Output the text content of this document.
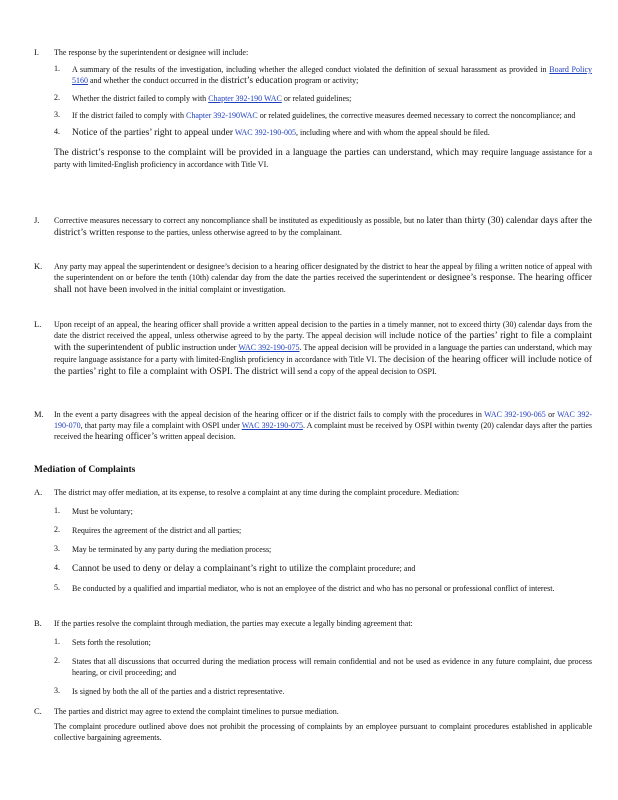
I. The response by the superintendent or designee will include:
1. A summary of the results of the investigation, including whether the alleged conduct violated the definition of sexual harassment as provided in Board Policy 5160 and whether the conduct occurred in the district’s education program or activity;
2. Whether the district failed to comply with Chapter 392-190 WAC or related guidelines;
3. If the district failed to comply with Chapter 392-190WAC or related guidelines, the corrective measures deemed necessary to correct the noncompliance; and
4. Notice of the parties’ right to appeal under WAC 392-190-005, including where and with whom the appeal should be filed.
The district’s response to the complaint will be provided in a language the parties can understand, which may require language assistance for a party with limited-English proficiency in accordance with Title VI.
J. Corrective measures necessary to correct any noncompliance shall be instituted as expeditiously as possible, but no later than thirty (30) calendar days after the district’s written response to the parties, unless otherwise agreed to by the complainant.
K. Any party may appeal the superintendent or designee’s decision to a hearing officer designated by the district to hear the appeal by filing a written notice of appeal with the superintendent on or before the tenth (10th) calendar day from the date the parties received the superintendent or designee’s response. The hearing officer shall not have been involved in the initial complaint or investigation.
L. Upon receipt of an appeal, the hearing officer shall provide a written appeal decision to the parties in a timely manner, not to exceed thirty (30) calendar days from the date the district received the appeal, unless otherwise agreed to by the party. The appeal decision will include notice of the parties’ right to file a complaint with the superintendent of public instruction under WAC 392-190-075. The appeal decision will be provided in a language the parties can understand, which may require language assistance for a party with limited-English proficiency in accordance with Title VI. The decision of the hearing officer will include notice of the parties’ right to file a complaint with OSPI. The district will send a copy of the appeal decision to OSPI.
M. In the event a party disagrees with the appeal decision of the hearing officer or if the district fails to comply with the procedures in WAC 392-190-065 or WAC 392-190-070, that party may file a complaint with OSPI under WAC 392-190-075. A complaint must be received by OSPI within twenty (20) calendar days after the parties received the hearing officer’s written appeal decision.
Mediation of Complaints
A. The district may offer mediation, at its expense, to resolve a complaint at any time during the complaint procedure. Mediation:
1. Must be voluntary;
2. Requires the agreement of the district and all parties;
3. May be terminated by any party during the mediation process;
4. Cannot be used to deny or delay a complainant’s right to utilize the complaint procedure; and
5. Be conducted by a qualified and impartial mediator, who is not an employee of the district and who has no personal or professional conflict of interest.
B. If the parties resolve the complaint through mediation, the parties may execute a legally binding agreement that:
1. Sets forth the resolution;
2. States that all discussions that occurred during the mediation process will remain confidential and not be used as evidence in any future complaint, due process hearing, or civil proceeding; and
3. Is signed by both the all of the parties and a district representative.
C. The parties and district may agree to extend the complaint timelines to pursue mediation.
The complaint procedure outlined above does not prohibit the processing of complaints by an employee pursuant to complaint procedures established in applicable collective bargaining agreements.
